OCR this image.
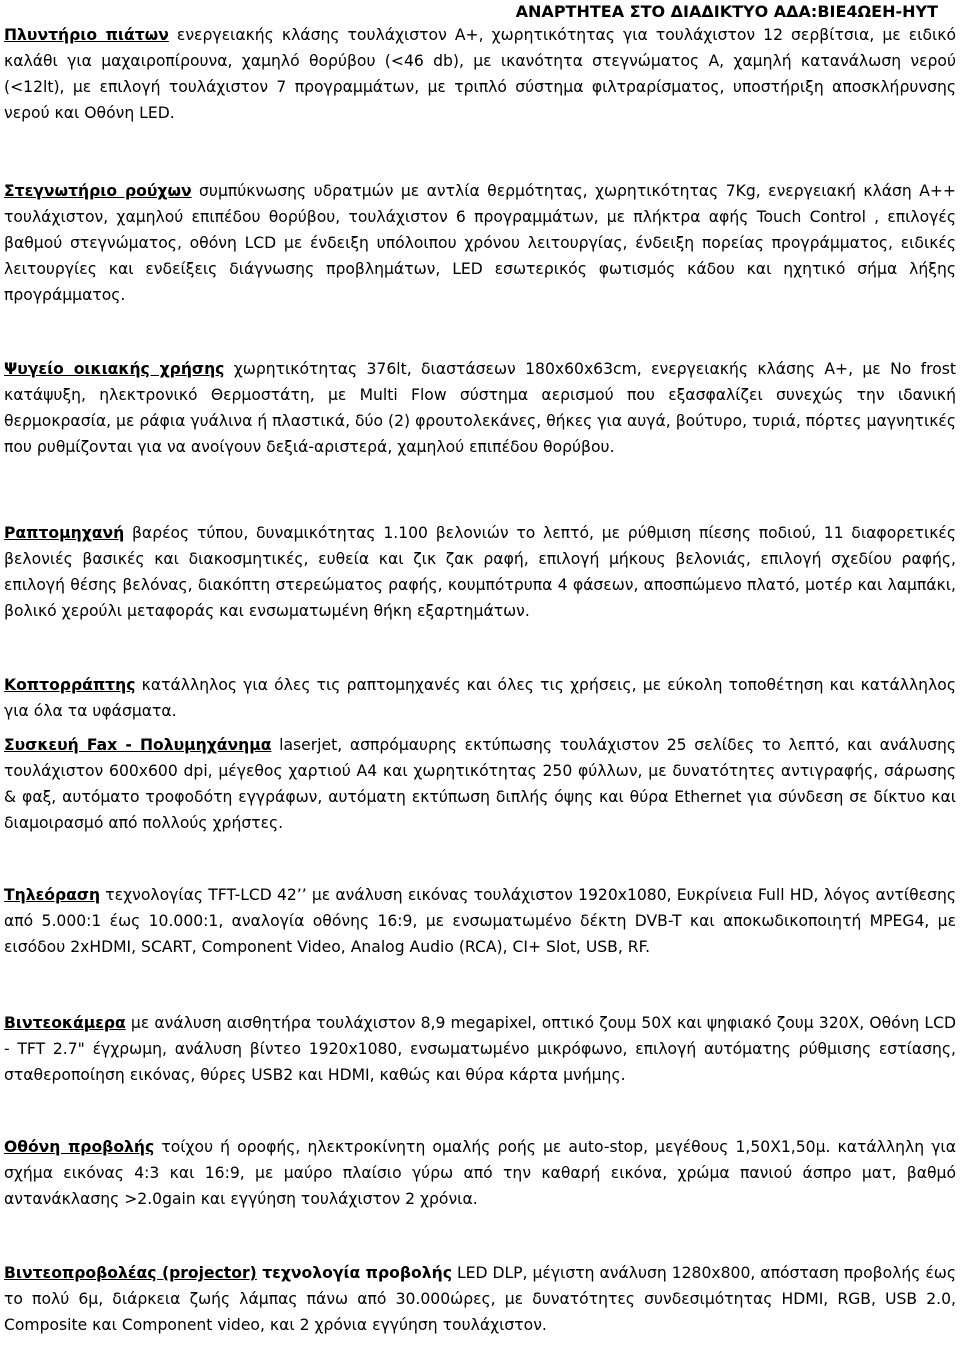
ΑΝΑΡΤΗΤΕΑ ΣΤΟ ΔΙΑΔΙΚΤΥΟ ΑΔΑ:ΒΙΕ4ΩΕΗ-ΗΥΤ

Πλυντήριο πιάτων ενεργειακής κλάσης τουλάχιστον Α+, χωρητικότητας για τουλάχιστον 12 σερβίτσια, με ειδικό καλάθι για μαχαιροπίρουνα, χαμηλό θορύβου (<46 db), με ικανότητα στεγνώματος Α, χαμηλή κατανάλωση νερού (<12lt), με επιλογή τουλάχιστον 7 προγραμμάτων, με τριπλό σύστημα φιλτραρίσματος, υποστήριξη αποσκλήρυνσης νερού και Οθόνη LED.

Στεγνωτήριο ρούχων συμπύκνωσης υδρατμών με αντλία θερμότητας, χωρητικότητας 7Kg, ενεργειακή κλάση Α++ τουλάχιστον, χαμηλού επιπέδου θορύβου, τουλάχιστον 6 προγραμμάτων, με πλήκτρα αφής Touch Control , επιλογές βαθμού στεγνώματος, οθόνη LCD με ένδειξη υπόλοιπου χρόνου λειτουργίας, ένδειξη πορείας προγράμματος, ειδικές λειτουργίες και ενδείξεις διάγνωσης προβλημάτων, LED εσωτερικός φωτισμός κάδου και ηχητικό σήμα λήξης προγράμματος.

Ψυγείο οικιακής χρήσης χωρητικότητας 376lt, διαστάσεων 180x60x63cm, ενεργειακής κλάσης Α+, με No frost κατάψυξη, ηλεκτρονικό Θερμοστάτη, με Multi Flow σύστημα αερισμού που εξασφαλίζει συνεχώς την ιδανική θερμοκρασία, με ράφια γυάλινα ή πλαστικά, δύο (2) φρουτολεκάνες, θήκες για αυγά, βούτυρο, τυριά, πόρτες μαγνητικές που ρυθμίζονται για να ανοίγουν δεξιά-αριστερά, χαμηλού επιπέδου θορύβου.

Ραπτομηχανή βαρέος τύπου, δυναμικότητας 1.100 βελονιών το λεπτό, με ρύθμιση πίεσης ποδιού, 11 διαφορετικές βελονιές βασικές και διακοσμητικές, ευθεία και ζικ ζακ ραφή, επιλογή μήκους βελονιάς, επιλογή σχεδίου ραφής, επιλογή θέσης βελόνας, διακόπτη στερεώματος ραφής, κουμπότρυπα 4 φάσεων, αποσπώμενο πλατό, μοτέρ και λαμπάκι, βολικό χερούλι μεταφοράς και ενσωματωμένη θήκη εξαρτημάτων.

Κοπτορράπτης κατάλληλος για όλες τις ραπτομηχανές και όλες τις χρήσεις, με εύκολη τοποθέτηση και κατάλληλος για όλα τα υφάσματα.

Συσκευή Fax - Πολυμηχάνημα laserjet, ασπρόμαυρης εκτύπωσης τουλάχιστον 25 σελίδες το λεπτό, και ανάλυσης τουλάχιστον 600x600 dpi, μέγεθος χαρτιού Α4 και χωρητικότητας 250 φύλλων, με δυνατότητες αντιγραφής, σάρωσης & φαξ, αυτόματο τροφοδότη εγγράφων, αυτόματη εκτύπωση διπλής όψης και θύρα Ethernet για σύνδεση σε δίκτυο και διαμοιρασμό από πολλούς χρήστες.

Τηλεόραση τεχνολογίας TFT-LCD 42’’ με ανάλυση εικόνας τουλάχιστον 1920x1080, Ευκρίνεια Full HD, λόγος αντίθεσης από 5.000:1 έως 10.000:1, αναλογία οθόνης 16:9, με ενσωματωμένο δέκτη DVB-T και αποκωδικοποιητή MPEG4, με εισόδου 2xHDMI, SCART, Component Video, Analog Audio (RCA), CI+ Slot, USB, RF.

Βιντεοκάμερα με ανάλυση αισθητήρα τουλάχιστον 8,9 megapixel, οπτικό ζουμ 50X και ψηφιακό ζουμ 320X, Οθόνη LCD - TFT 2.7" έγχρωμη, ανάλυση βίντεο 1920x1080, ενσωματωμένο μικρόφωνο, επιλογή αυτόματης ρύθμισης εστίασης, σταθεροποίηση εικόνας, θύρες USB2 και HDMI, καθώς και θύρα κάρτα μνήμης.

Οθόνη προβολής τοίχου ή οροφής, ηλεκτροκίνητη ομαλής ροής με auto-stop, μεγέθους 1,50Χ1,50μ. κατάλληλη για σχήμα εικόνας 4:3 και 16:9, με μαύρο πλαίσιο γύρω από την καθαρή εικόνα, χρώμα πανιού άσπρο ματ, βαθμό αντανάκλασης >2.0gain και εγγύηση τουλάχιστον 2 χρόνια.

Βιντεοπροβολέας (projector) τεχνολογία προβολής LED DLP, μέγιστη ανάλυση 1280x800, απόσταση προβολής έως το πολύ 6μ, διάρκεια ζωής λάμπας πάνω από 30.000ώρες, με δυνατότητες συνδεσιμότητας HDMI, RGB, USB 2.0, Composite και Component video, και 2 χρόνια εγγύηση τουλάχιστον.
